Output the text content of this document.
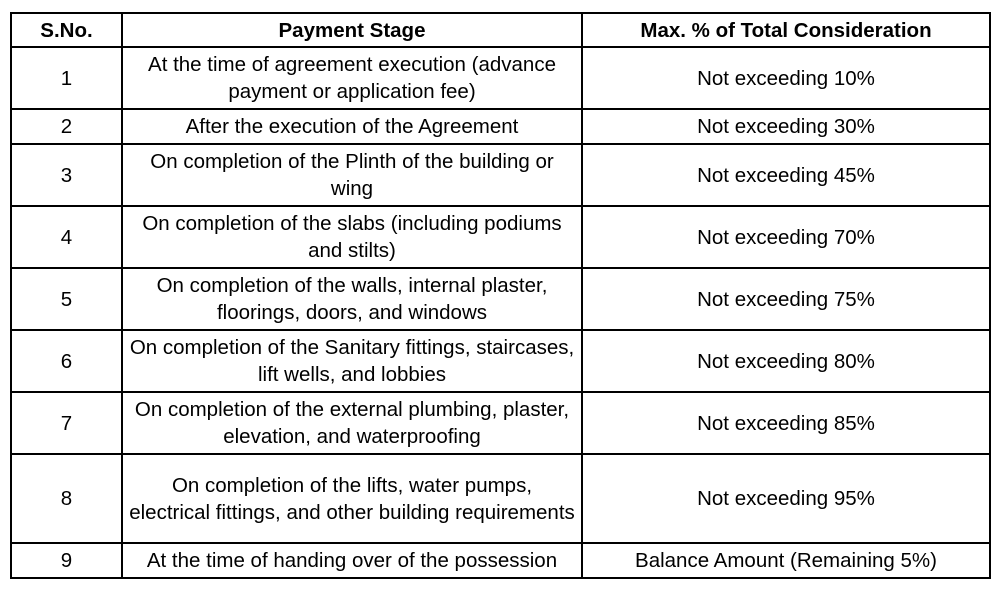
S.No.	Payment Stage	Max. % of Total Consideration
1	At the time of agreement execution (advance payment or application fee)	Not exceeding 10%
2	After the execution of the Agreement	Not exceeding 30%
3	On completion of the Plinth of the building or wing	Not exceeding 45%
4	On completion of the slabs (including podiums and stilts)	Not exceeding 70%
5	On completion of the walls, internal plaster, floorings, doors, and windows	Not exceeding 75%
6	On completion of the Sanitary fittings, staircases, lift wells, and lobbies	Not exceeding 80%
7	On completion of the external plumbing, plaster, elevation, and waterproofing	Not exceeding 85%
8	On completion of the lifts, water pumps, electrical fittings, and other building requirements	Not exceeding 95%
9	At the time of handing over of the possession	Balance Amount (Remaining 5%)
